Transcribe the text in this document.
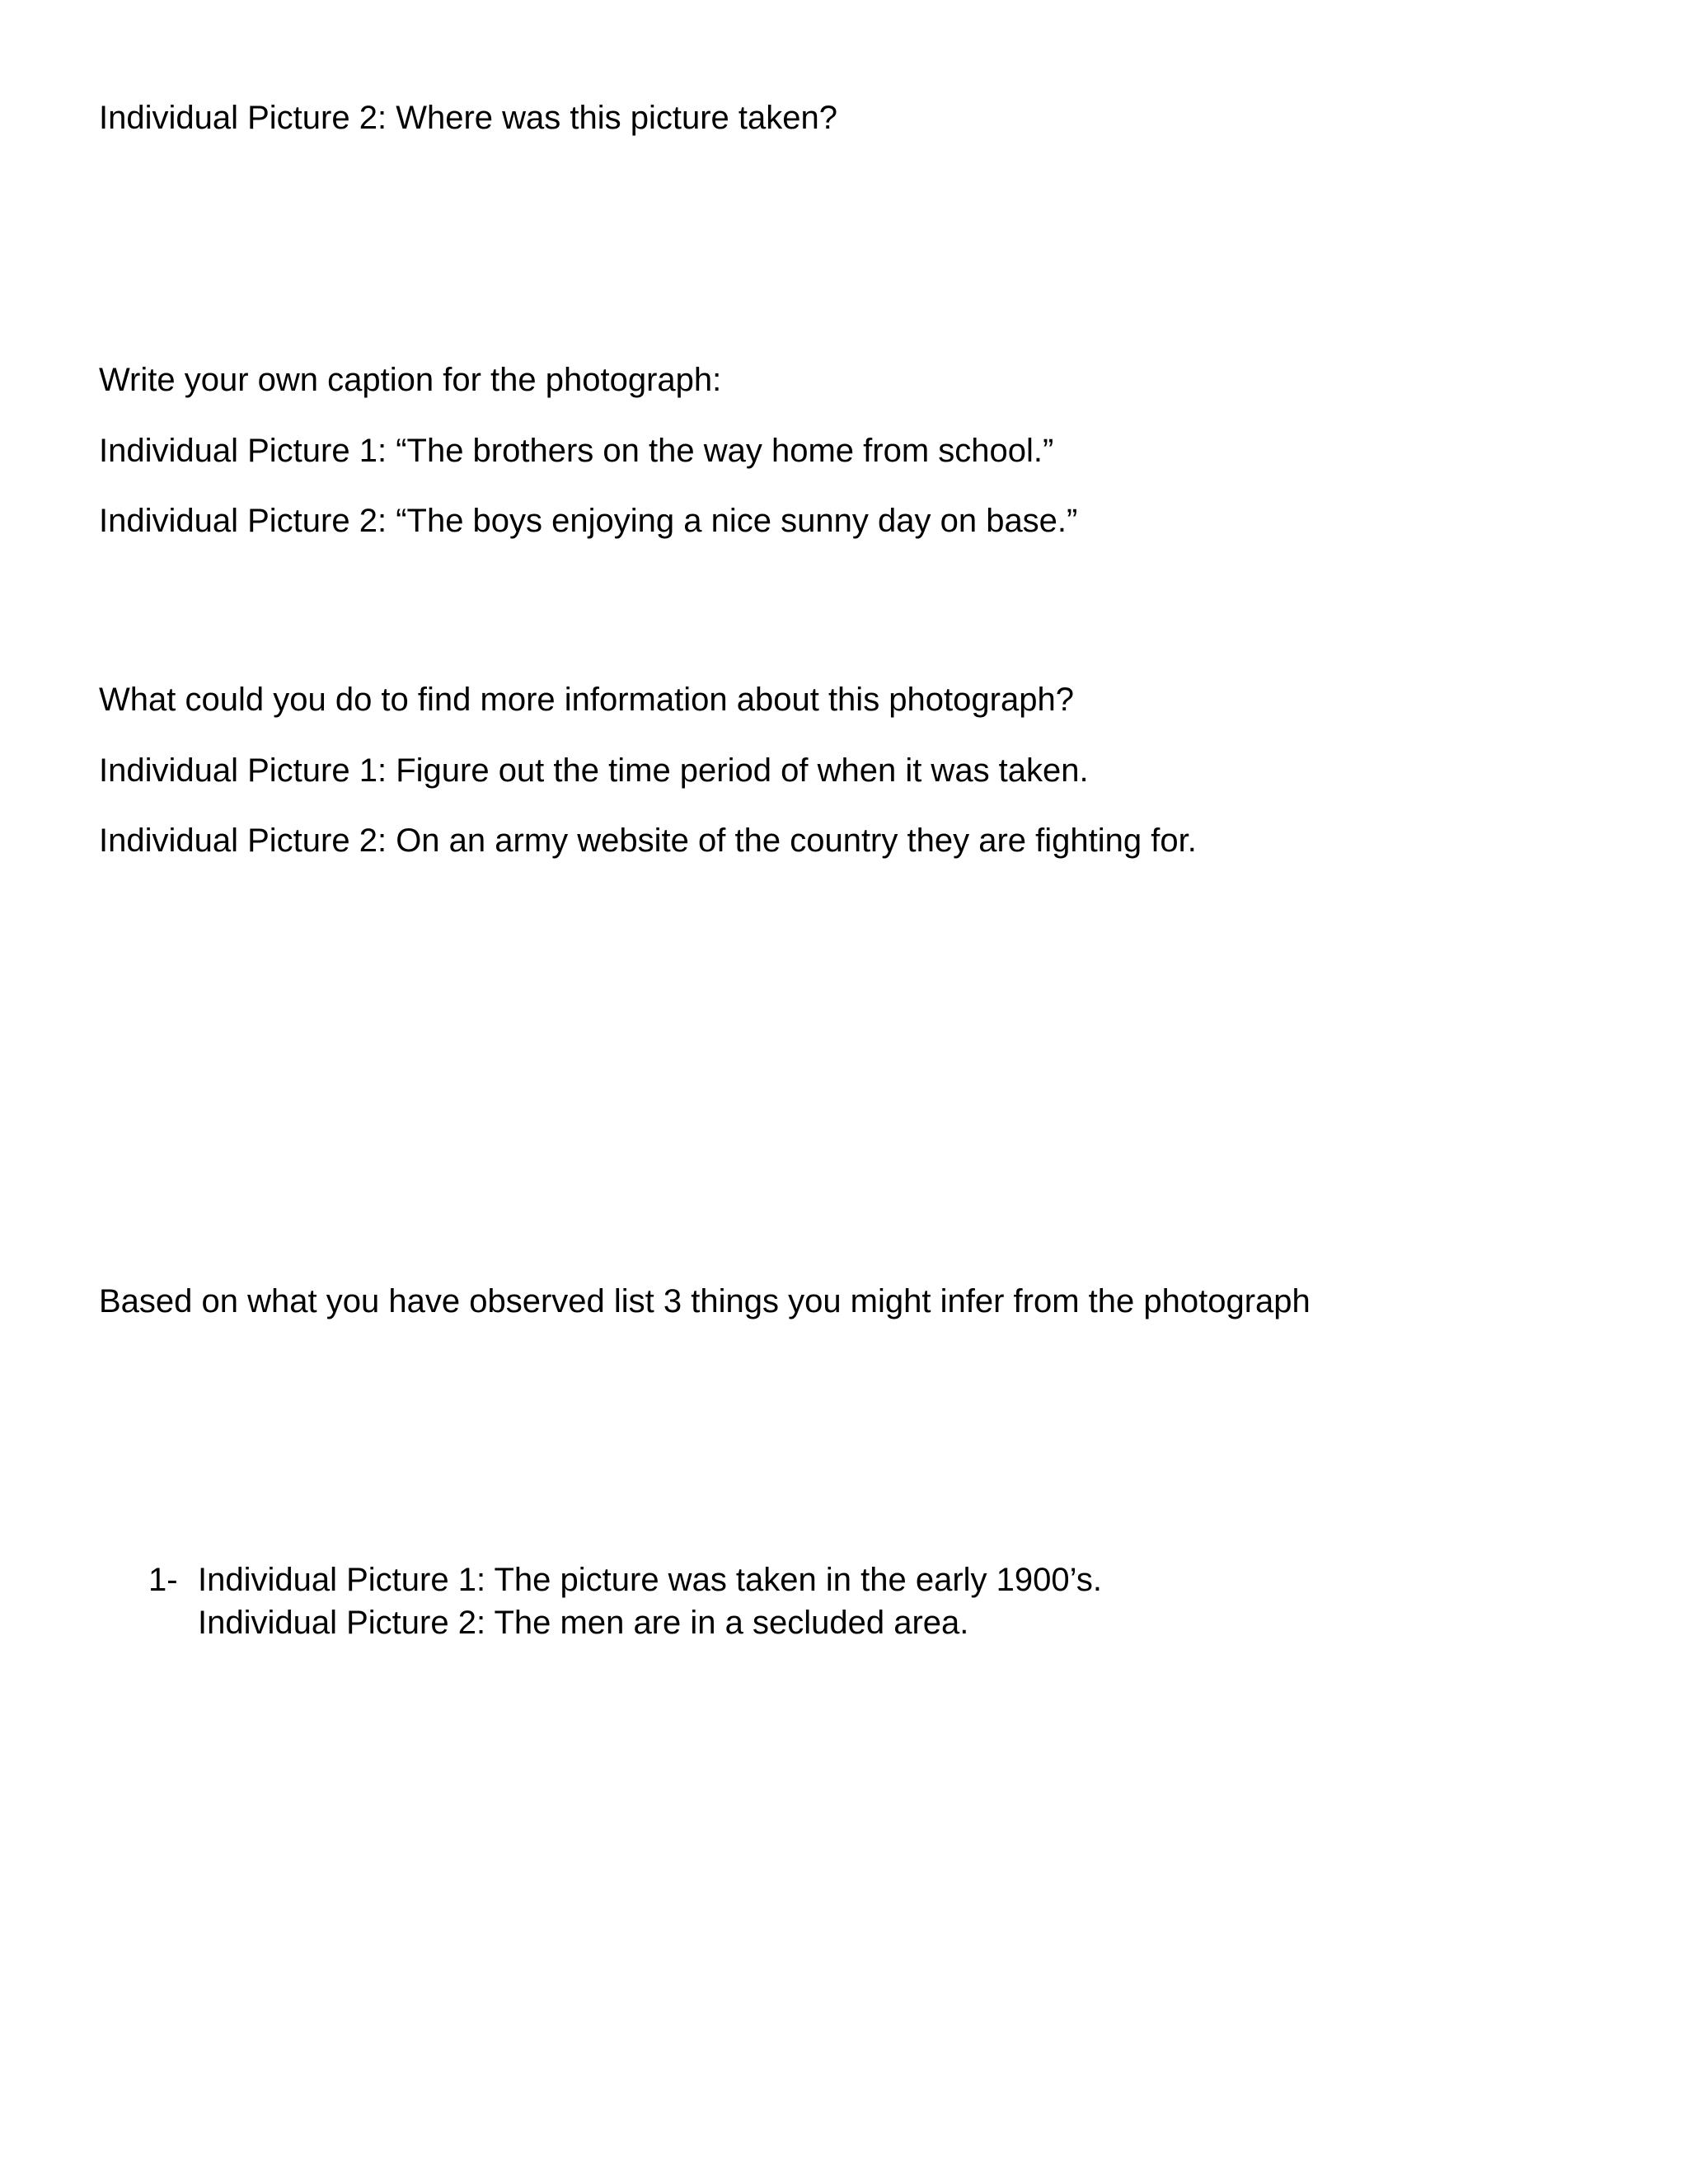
Individual Picture 2: Where was this picture taken?
Write your own caption for the photograph:
Individual Picture 1: “The brothers on the way home from school.”
Individual Picture 2: “The boys enjoying a nice sunny day on base.”
What could you do to find more information about this photograph?
Individual Picture 1: Figure out the time period of when it was taken.
Individual Picture 2: On an army website of the country they are fighting for.
Based on what you have observed list 3 things you might infer from the photograph
1- Individual Picture 1: The picture was taken in the early 1900’s.
Individual Picture 2: The men are in a secluded area.
